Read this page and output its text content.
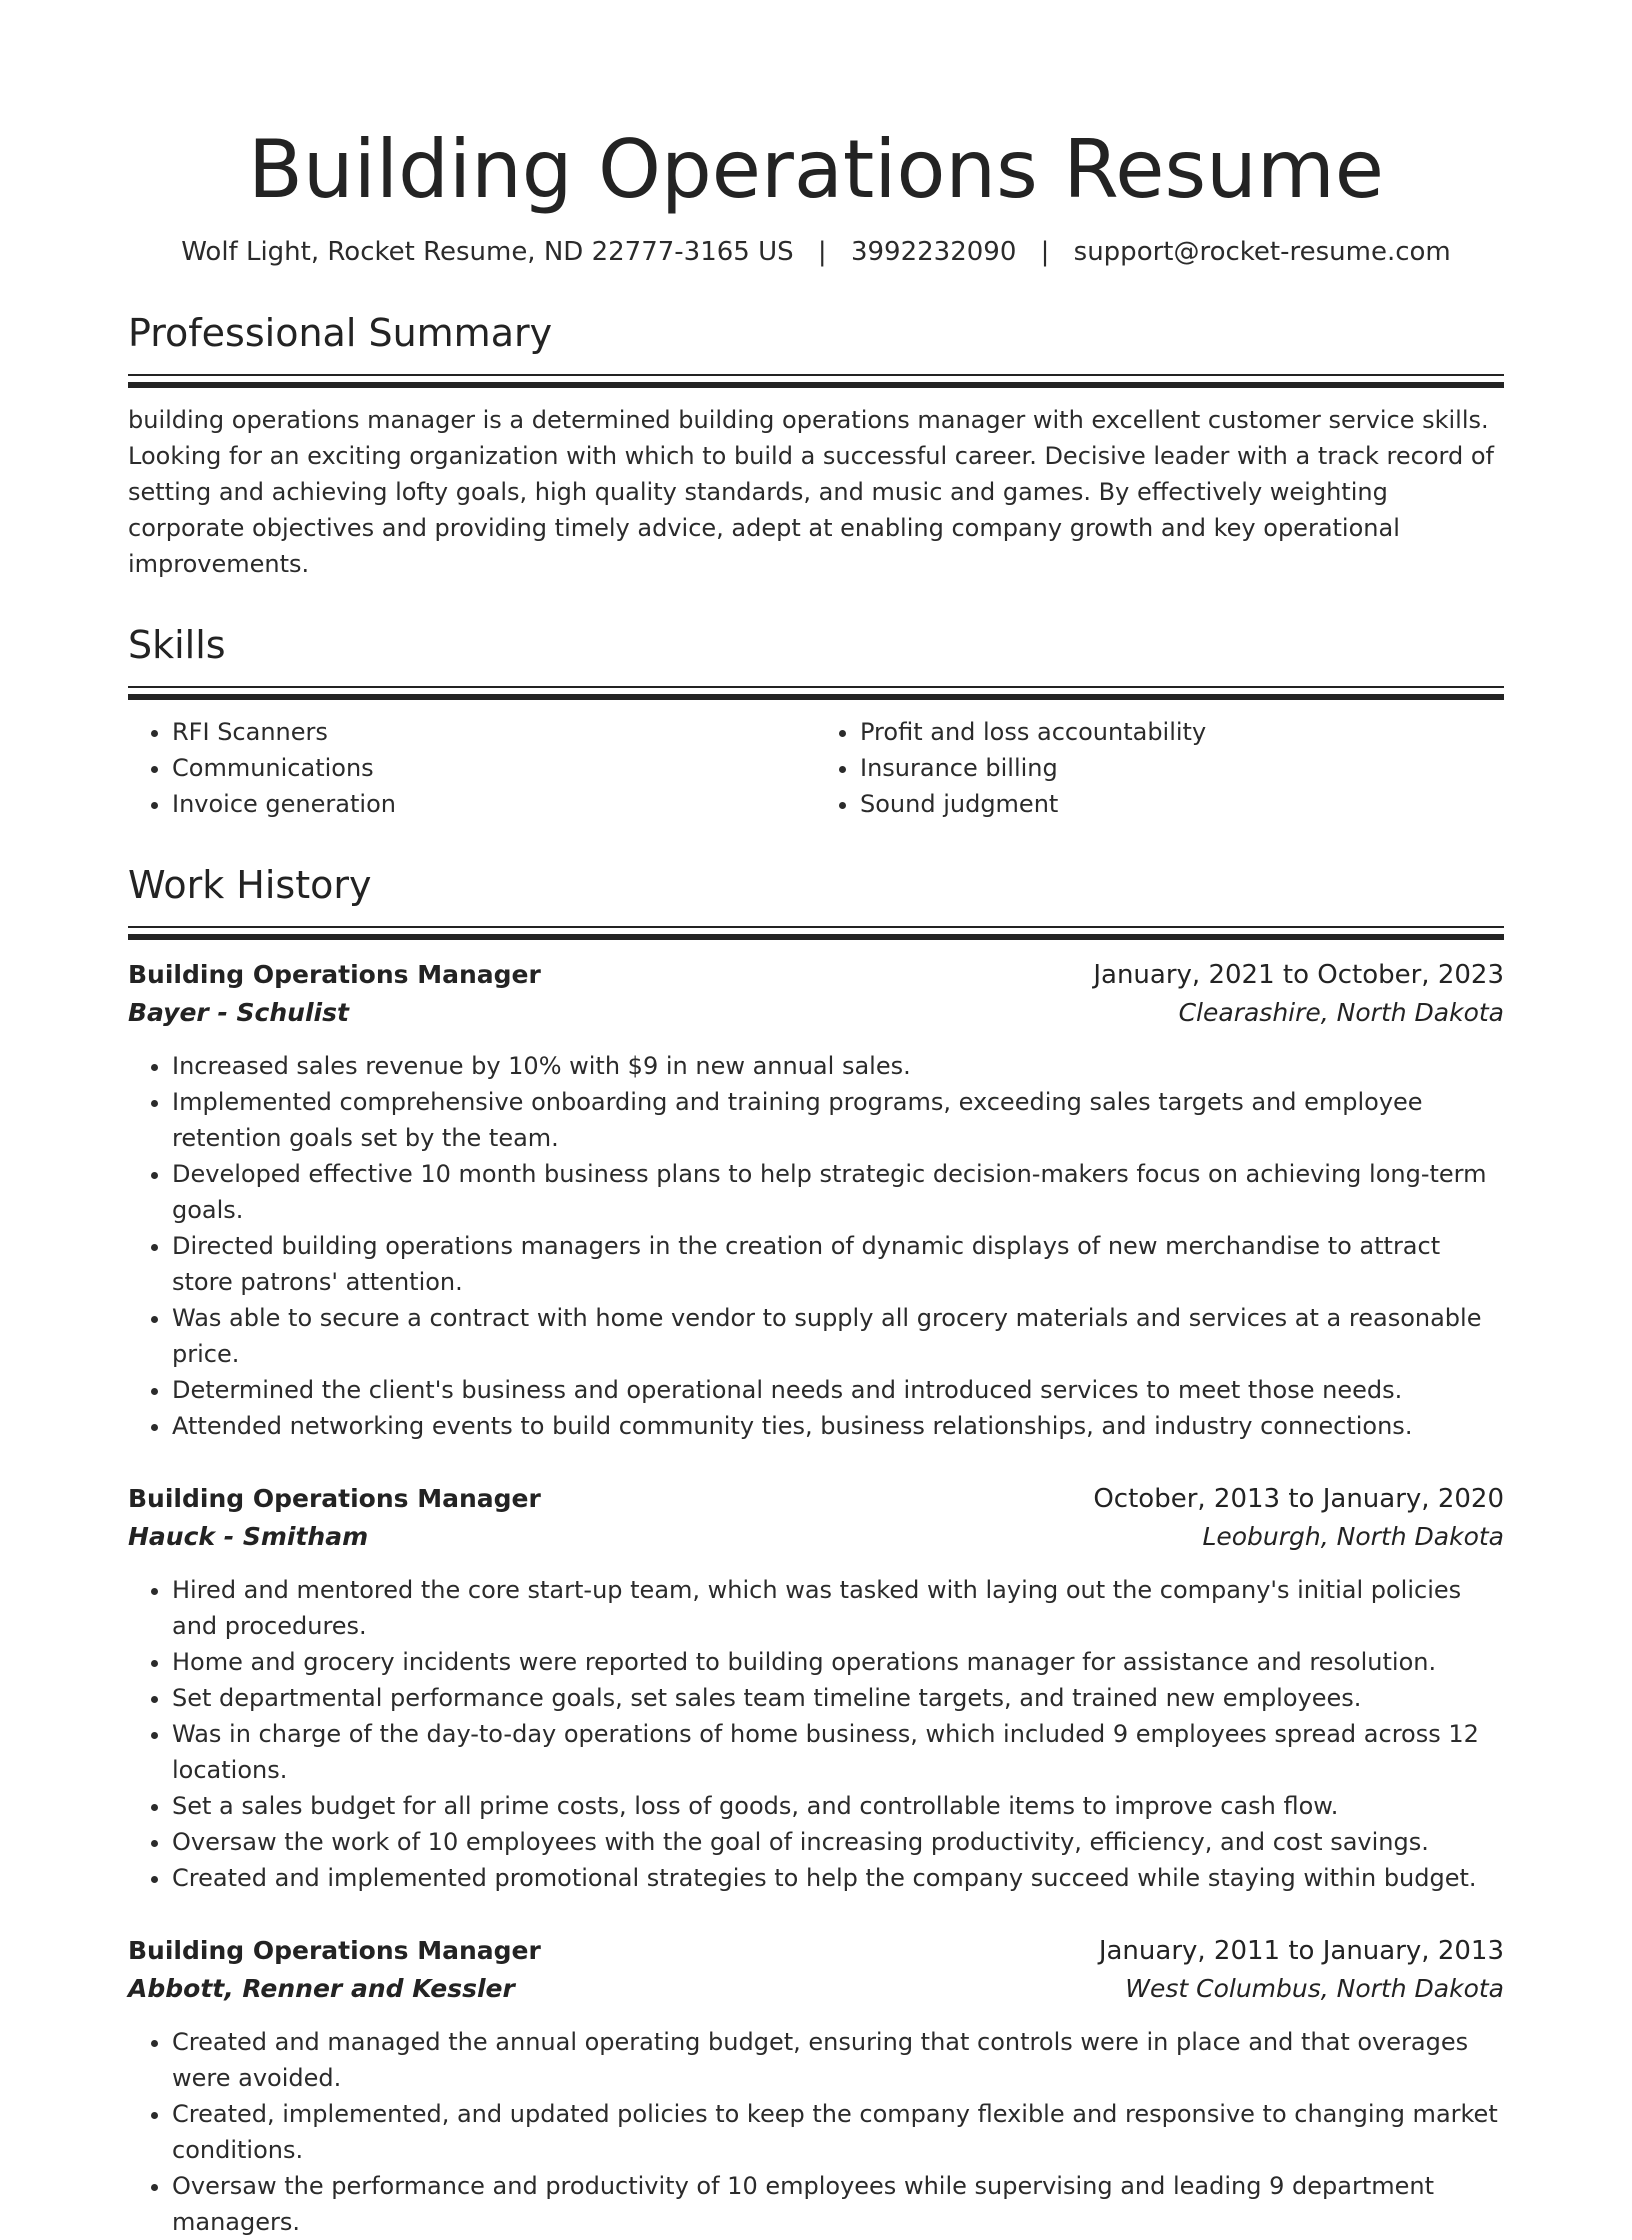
Building Operations Resume
Wolf Light, Rocket Resume, ND 22777-3165 US | 3992232090 | support@rocket-resume.com
Professional Summary
building operations manager is a determined building operations manager with excellent customer service skills. Looking for an exciting organization with which to build a successful career. Decisive leader with a track record of setting and achieving lofty goals, high quality standards, and music and games. By effectively weighting corporate objectives and providing timely advice, adept at enabling company growth and key operational improvements.
Skills
• RFI Scanners
• Communications
• Invoice generation
• Profit and loss accountability
• Insurance billing
• Sound judgment
Work History
Building Operations Manager	January, 2021 to October, 2023
Bayer - Schulist	Clearashire, North Dakota
• Increased sales revenue by 10% with $9 in new annual sales.
• Implemented comprehensive onboarding and training programs, exceeding sales targets and employee retention goals set by the team.
• Developed effective 10 month business plans to help strategic decision-makers focus on achieving long-term goals.
• Directed building operations managers in the creation of dynamic displays of new merchandise to attract store patrons' attention.
• Was able to secure a contract with home vendor to supply all grocery materials and services at a reasonable price.
• Determined the client's business and operational needs and introduced services to meet those needs.
• Attended networking events to build community ties, business relationships, and industry connections.
Building Operations Manager	October, 2013 to January, 2020
Hauck - Smitham	Leoburgh, North Dakota
• Hired and mentored the core start-up team, which was tasked with laying out the company's initial policies and procedures.
• Home and grocery incidents were reported to building operations manager for assistance and resolution.
• Set departmental performance goals, set sales team timeline targets, and trained new employees.
• Was in charge of the day-to-day operations of home business, which included 9 employees spread across 12 locations.
• Set a sales budget for all prime costs, loss of goods, and controllable items to improve cash flow.
• Oversaw the work of 10 employees with the goal of increasing productivity, efficiency, and cost savings.
• Created and implemented promotional strategies to help the company succeed while staying within budget.
Building Operations Manager	January, 2011 to January, 2013
Abbott, Renner and Kessler	West Columbus, North Dakota
• Created and managed the annual operating budget, ensuring that controls were in place and that overages were avoided.
• Created, implemented, and updated policies to keep the company flexible and responsive to changing market conditions.
• Oversaw the performance and productivity of 10 employees while supervising and leading 9 department managers.
